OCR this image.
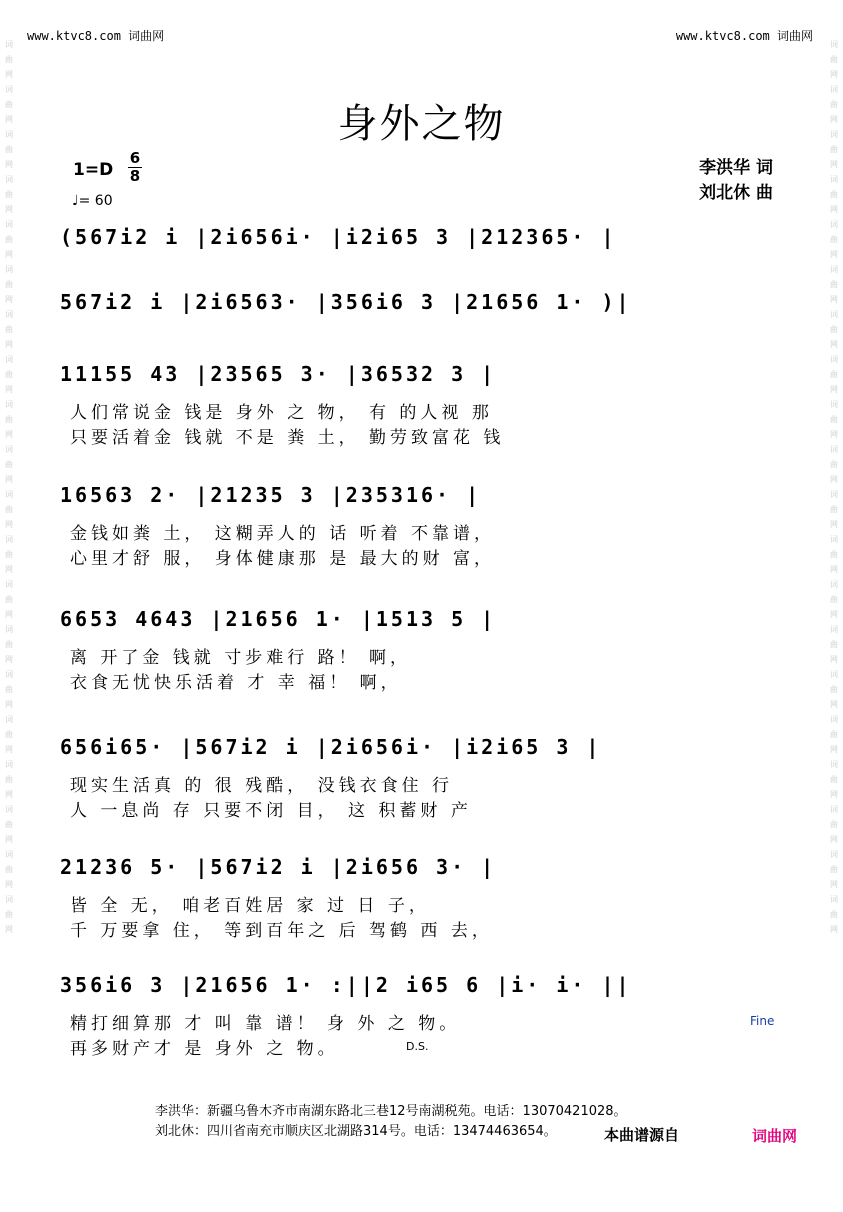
词
曲
网
词
曲
网
词
曲
网
词
曲
网
词
曲
网
词
曲
网
词
曲
网
词
曲
网
词
曲
网
词
曲
网
词
曲
网
词
曲
网
词
曲
网
词
曲
网
词
曲
网
词
曲
网
词
曲
网
词
曲
网
词
曲
网
词
曲
网
词
曲
网
词
曲
网
词
曲
网
词
曲
网
词
曲
网
词
曲
网
词
曲
网
词
曲
网
词
曲
网
词
曲
网
词
曲
网
词
曲
网
词
曲
网
词
曲
网
词
曲
网
词
曲
网
词
曲
网
词
曲
网
词
曲
网
词
曲
网
www.ktvc8.com 词曲网	www.ktvc8.com 词曲网
身外之物
$1=D \frac{6}{8}$
♩= 60
李洪华 词
刘北休 曲
(567i2 i |2i656i· |i2i65 3 |212365· |
567i2 i |2i6563· |356i6 3 |21656 1· )|
11155 43 |23565 3· |36532 3 |
人们常说金 钱是 身外 之 物， 有 的人视 那
只要活着金 钱就 不是 粪 土， 勤劳致富花 钱
16563 2· |21235 3 |235316· |
金钱如粪 土， 这糊弄人的 话 听着 不靠谱，
心里才舒 服， 身体健康那 是 最大的财 富，
6653 4643 |21656 1· |1513 5 |
离 开了金 钱就 寸步难行 路！ 啊，
衣食无忧快乐活着 才 幸 福！ 啊，
656i65· |567i2 i |2i656i· |i2i65 3 |
现实生活真 的 很 残酷， 没钱衣食住 行
人 一息尚 存 只要不闭 目， 这 积蓄财 产
21236 5· |567i2 i |2i656 3· |
皆 全 无， 咱老百姓居 家 过 日 子，
千 万要拿 住， 等到百年之 后 驾鹤 西 去，
356i6 3 |21656 1· :||2 i65 6 |i· i· ||
精打细算那 才 叫 靠 谱！ 身 外 之 物。
再多财产才 是 身外 之 物。
Fine
D.S.
李洪华：新疆乌鲁木齐市南湖东路北三巷12号南湖税苑。电话：13070421028。
刘北休：四川省南充市顺庆区北湖路314号。电话：13474463654。	本曲谱源自	词曲网
